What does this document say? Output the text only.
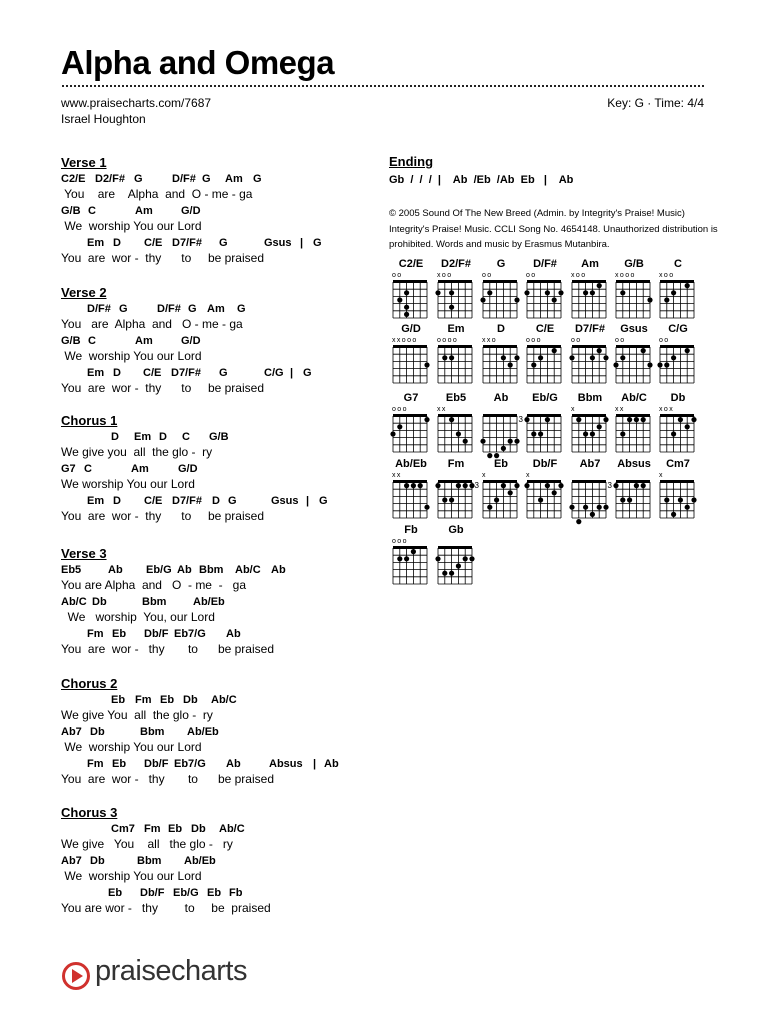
Alpha and Omega
www.praisecharts.com/7687
Israel Houghton
Key: G · Time: 4/4
Verse 1
C2/E D2/F# G	D/F# G Am G
You    are    Alpha  and  O - me - ga
G/B C	Am	G/D
We  worship You our Lord
Em D C/E D7/F# G	Gsus | G
You  are  wor -  thy      to     be praised
Verse 2
D/F# G	D/F# G Am G
You   are  Alpha  and   O - me - ga
G/B C	Am	G/D
We  worship You our Lord
Em D C/E D7/F# G	C/G | G
You  are  wor -  thy      to     be praised
Chorus 1
D Em D C G/B
We give you  all  the glo -  ry
G7 C	Am	G/D
We worship You our Lord
Em D C/E D7/F# D G	Gsus | G
You  are  wor -  thy      to     be praised
Verse 3
Eb5 Ab Eb/G Ab Bbm Ab/C Ab
You are Alpha  and   O  - me  -   ga
Ab/C Db	Bbm Ab/Eb
We   worship  You, our Lord
Fm Eb Db/F Eb7/G Ab
You  are  wor -   thy       to      be praised
Chorus 2
Eb Fm Eb Db Ab/C
We give You  all  the glo -  ry
Ab7 Db	Bbm Ab/Eb
We  worship You our Lord
Fm Eb Db/F Eb7/G Ab	Absus | Ab
You  are  wor -   thy       to      be praised
Chorus 3
Cm7 Fm Eb Db Ab/C
We give   You    all   the glo -   ry
Ab7 Db	Bbm Ab/Eb
We  worship You our Lord
Eb Db/F Eb/G Eb Fb
You are wor -   thy        to     be  praised
Ending
Gb  /  /  /  |    Ab  /Eb  /Ab  Eb   |    Ab
© 2005 Sound Of The New Breed (Admin. by Integrity's Praise! Music) Integrity's Praise! Music. CCLI Song No. 4654148. Unauthorized distribution is prohibited. Words and music by Erasmus Mutanbira.
C2/E
oo
D2/F#
xoo
G
oo
D/F#
oo
Am
xoo
G/B
xooo
C
xoo
G/D
xxooo
Em
oooo
D
xxo
C/E
ooo
D7/F#
oo
Gsus
oo
C/G
oo
G7
ooo
Eb5
xx
Ab	Eb/G
3
Bbm
x
Ab/C
xx
Db
xox
Ab/Eb
xx
Fm	Eb
3
x
Db/F
x
Ab7	Absus
3
Cm7
x
Fb
ooo
Gb
praisecharts
